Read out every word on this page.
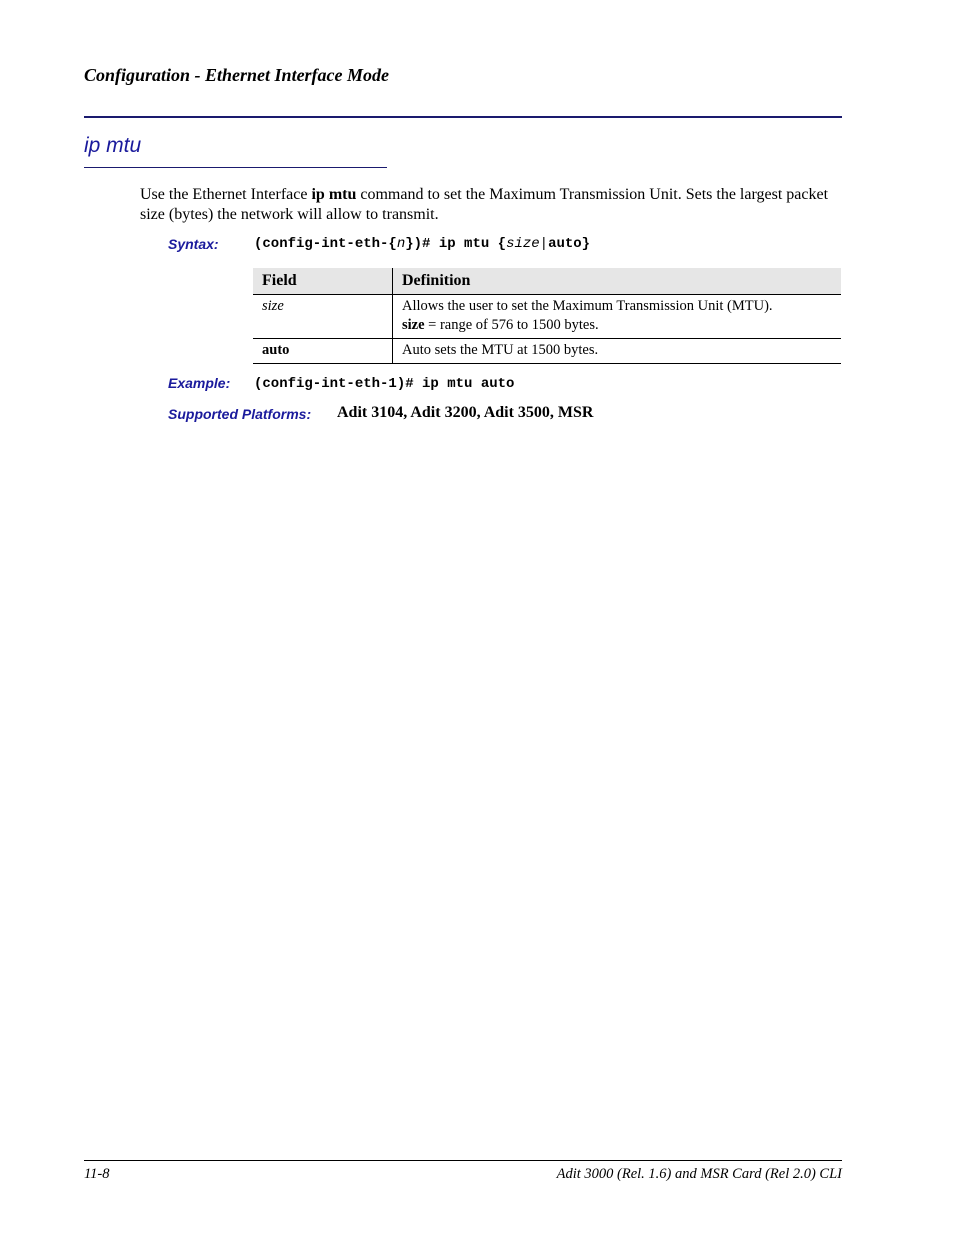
Configuration - Ethernet Interface Mode
ip mtu
Use the Ethernet Interface ip mtu command to set the Maximum Transmission Unit. Sets the largest packet size (bytes) the network will allow to transmit.
Syntax:	(config-int-eth-{n})# ip mtu {size|auto}
Field	Definition
size	Allows the user to set the Maximum Transmission Unit (MTU).
size = range of 576 to 1500 bytes.
auto	Auto sets the MTU at 1500 bytes.
Example: (config-int-eth-1)# ip mtu auto
Supported Platforms: Adit 3104, Adit 3200, Adit 3500, MSR
11-8	Adit 3000 (Rel. 1.6) and MSR Card (Rel 2.0) CLI
